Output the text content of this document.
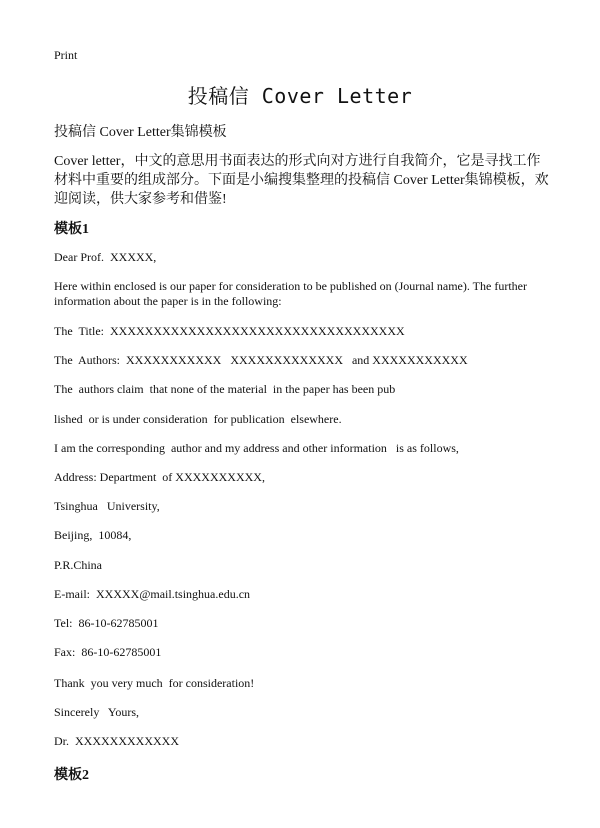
Print
投稿信 Cover Letter
投稿信 Cover Letter集锦模板
Cover letter，中文的意思用书面表达的形式向对方进行自我简介，它是寻找工作材料中重要的组成部分。下面是小编搜集整理的投稿信 Cover Letter集锦模板，欢迎阅读，供大家参考和借鉴!
模板1
Dear Prof.  XXXXX,
Here within enclosed is our paper for consideration to be published on (Journal name). The further information about the paper is in the following:
The  Title:  XXXXXXXXXXXXXXXXXXXXXXXXXXXXXXXXXX
The  Authors:  XXXXXXXXXXX   XXXXXXXXXXXXX   and XXXXXXXXXXX
The  authors claim  that none of the material  in the paper has been pub
lished  or is under consideration  for publication  elsewhere.
I am the corresponding  author and my address and other information   is as follows,
Address: Department  of XXXXXXXXXX,
Tsinghua   University,
Beijing,  10084,
P.R.China
E-mail:  XXXXX@mail.tsinghua.edu.cn
Tel:  86-10-62785001
Fax:  86-10-62785001
Thank  you very much  for consideration!
Sincerely   Yours,
Dr.  XXXXXXXXXXXX
模板2
